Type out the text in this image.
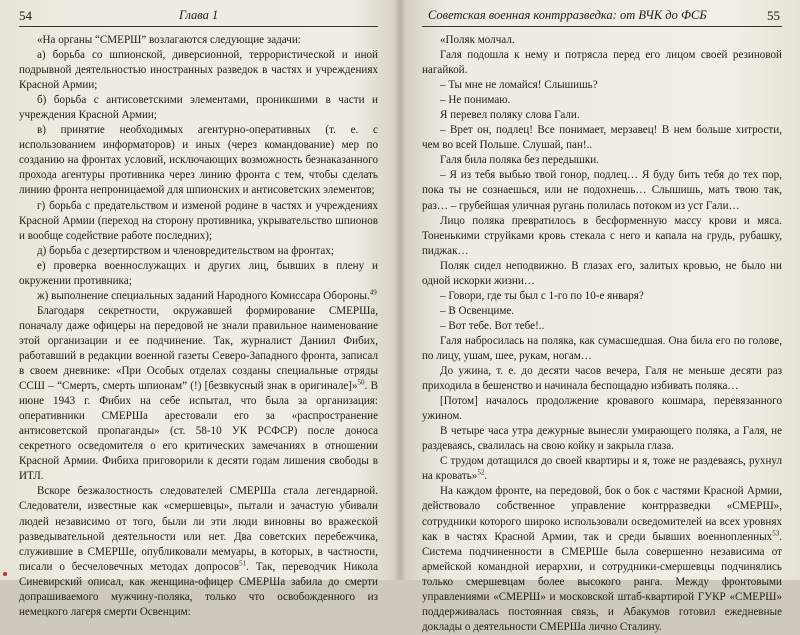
54	Глава 1

«На органы “СМЕРШ” возлагаются следующие задачи:

а) борьба со шпионской, диверсионной, террористической и иной подрывной деятельностью иностранных разведок в частях и учреждениях Красной Армии;

б) борьба с антисоветскими элементами, проникшими в части и учреждения Красной Армии;

в) принятие необходимых агентурно-оперативных (т. е. с использованием информаторов) и иных (через командование) мер по созданию на фронтах условий, исключающих возможность безнаказанного прохода агентуры противника через линию фронта с тем, чтобы сделать линию фронта непроницаемой для шпионских и антисоветских элементов;

г) борьба с предательством и изменой родине в частях и учреждениях Красной Армии (переход на сторону противника, укрывательство шпионов и вообще содействие работе последних);

д) борьба с дезертирством и членовредительством на фронтах;

е) проверка военнослужащих и других лиц, бывших в плену и окружении противника;

ж) выполнение специальных заданий Народного Комиссара Обороны.$^{49}$

Благодаря секретности, окружавшей формирование СМЕРШа, поначалу даже офицеры на передовой не знали правильное наименование этой организации и ее подчинение. Так, журналист Даниил Фибих, работавший в редакции военной газеты Северо-Западного фронта, записал в своем дневнике: «При Особых отделах созданы специальные отряды ССШ – “Смерть, смерть шпионам” (!) [безвкусный знак в оригинале]»$^{50}$. В июне 1943 г. Фибих на себе испытал, что была за организация: оперативники СМЕРШа арестовали его за «распространение антисоветской пропаганды» (ст. 58-10 УК РСФСР) после доноса секретного осведомителя о его критических замечаниях в отношении Красной Армии. Фибиха приговорили к десяти годам лишения свободы в ИТЛ.

Вскоре безжалостность следователей СМЕРШа стала легендарной. Следователи, известные как «смершевцы», пытали и зачастую убивали людей независимо от того, были ли эти люди виновны во вражеской разведывательной деятельности или нет. Два советских перебежчика, служившие в СМЕРШе, опубликовали мемуары, в которых, в частности, писали о бесчеловечных методах допросов$^{51}$. Так, переводчик Никола Синевирский описал, как женщина-офицер СМЕРШа забила до смерти допрашиваемого мужчину-поляка, только что освобожденного из немецкого лагеря смерти Освенцим:

Советская военная контрразведка: от ВЧК до ФСБ	55

«Поляк молчал.

Галя подошла к нему и потрясла перед его лицом своей резиновой нагайкой.

– Ты мне не ломайся! Слышишь?

– Не понимаю.

Я перевел поляку слова Гали.

– Врет он, подлец! Все понимает, мерзавец! В нем больше хитрости, чем во всей Польше. Слушай, пан!..

Галя била поляка без передышки.

– Я из тебя выбью твой гонор, подлец… Я буду бить тебя до тех пор, пока ты не сознаешься, или не подохнешь… Слышишь, мать твою так, раз… – грубейшая уличная ругань полилась потоком из уст Гали…

Лицо поляка превратилось в бесформенную массу крови и мяса. Тоненькими струйками кровь стекала с него и капала на грудь, рубашку, пиджак…

Поляк сидел неподвижно. В глазах его, залитых кровью, не было ни одной искорки жизни…

– Говори, где ты был с 1-го по 10-е января?

– В Освенциме.

– Вот тебе. Вот тебе!..

Галя набросилась на поляка, как сумасшедшая. Она била его по голове, по лицу, ушам, шее, рукам, ногам…

До ужина, т. е. до десяти часов вечера, Галя не меньше десяти раз приходила в бешенство и начинала беспощадно избивать поляка…

[Потом] началось продолжение кровавого кошмара, перевязанного ужином.

В четыре часа утра дежурные вынесли умирающего поляка, а Галя, не раздеваясь, свалилась на свою койку и закрыла глаза.

С трудом дотащился до своей квартиры и я, тоже не раздеваясь, рухнул на кровать»$^{52}$.

На каждом фронте, на передовой, бок о бок с частями Красной Армии, действовало собственное управление контрразведки «СМЕРШ», сотрудники которого широко использовали осведомителей на всех уровнях как в частях Красной Армии, так и среди бывших военнопленных$^{53}$. Система подчиненности в СМЕРШе была совершенно независима от армейской командной иерархии, и сотрудники-смершевцы подчинялись только смершевцам более высокого ранга. Между фронтовыми управлениями «СМЕРШ» и московской штаб-квартирой ГУКР «СМЕРШ» поддерживалась постоянная связь, и Абакумов готовил ежедневные доклады о деятельности СМЕРШа лично Сталину.
